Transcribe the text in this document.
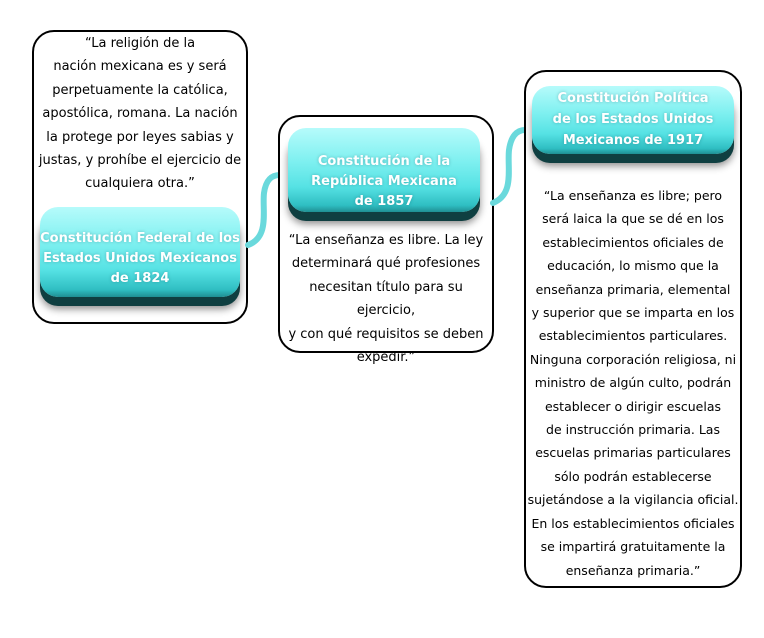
“La religión de la
nación mexicana es y será
perpetuamente la católica,
apostólica, romana. La nación
la protege por leyes sabias y
justas, y prohíbe el ejercicio de
cualquiera otra.”
Constitución Federal de los
Estados Unidos Mexicanos
de 1824
Constitución de la
República Mexicana
de 1857
“La enseñanza es libre. La ley
determinará qué profesiones
necesitan título para su ejercicio,
y con qué requisitos se deben
expedir.”
Constitución Política
de los Estados Unidos
Mexicanos de 1917
“La enseñanza es libre; pero
será laica la que se dé en los
establecimientos oficiales de
educación, lo mismo que la
enseñanza primaria, elemental
y superior que se imparta en los
establecimientos particulares.
Ninguna corporación religiosa, ni
ministro de algún culto, podrán
establecer o dirigir escuelas
de instrucción primaria. Las
escuelas primarias particulares
sólo podrán establecerse
sujetándose a la vigilancia oficial.
En los establecimientos oficiales
se impartirá gratuitamente la
enseñanza primaria.”
